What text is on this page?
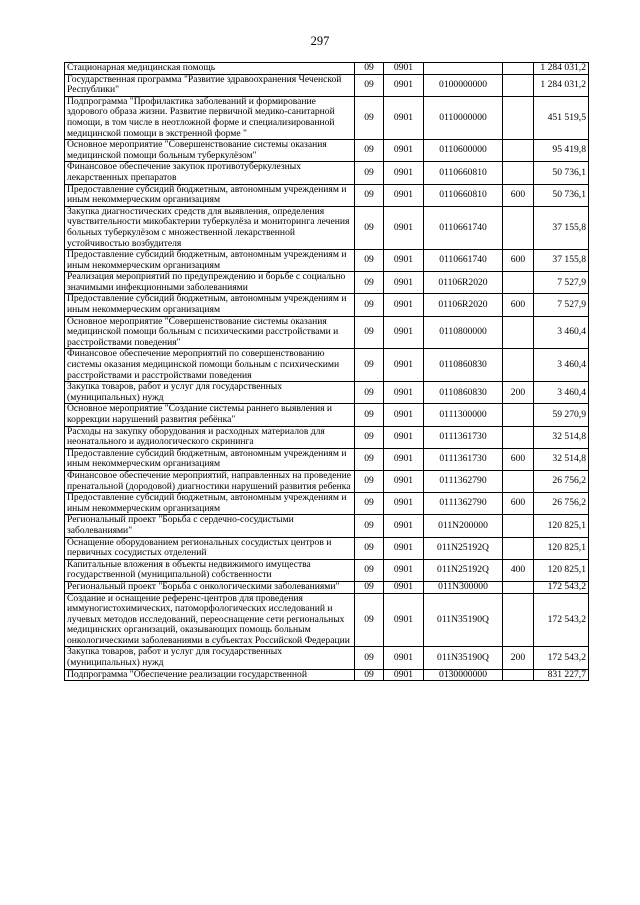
297
Стационарная медицинская помощь	09	0901			1 284 031,2
Государственная программа "Развитие здравоохранения Чеченской Республики"	09	0901	0100000000		1 284 031,2
Подпрограмма "Профилактика заболеваний и формирование здорового образа жизни. Развитие первичной медико-санитарной помощи, в том числе в неотложной форме и специализированной медицинской помощи в экстренной форме "	09	0901	0110000000		451 519,5
Основное мероприятие "Совершенствование системы оказания медицинской помощи больным туберкулёзом"	09	0901	0110600000		95 419,8
Финансовое обеспечение закупок противотуберкулезных лекарственных препаратов	09	0901	0110660810		50 736,1
Предоставление субсидий бюджетным, автономным учреждениям и иным некоммерческим организациям	09	0901	0110660810	600	50 736,1
Закупка диагностических средств для выявления, определения чувствительности микобактерии туберкулёза и мониторинга лечения больных туберкулёзом с множественной лекарственной устойчивостью возбудителя	09	0901	0110661740		37 155,8
Предоставление субсидий бюджетным, автономным учреждениям и иным некоммерческим организациям	09	0901	0110661740	600	37 155,8
Реализация мероприятий по предупреждению и борьбе с социально значимыми инфекционными заболеваниями	09	0901	01106R2020		7 527,9
Предоставление субсидий бюджетным, автономным учреждениям и иным некоммерческим организациям	09	0901	01106R2020	600	7 527,9
Основное мероприятие "Совершенствование системы оказания медицинской помощи больным с психическими расстройствами и расстройствами поведения"	09	0901	0110800000		3 460,4
Финансовое обеспечение мероприятий по совершенствованию системы оказания медицинской помощи больным с психическими расстройствами и расстройствами поведения	09	0901	0110860830		3 460,4
Закупка товаров, работ и услуг для государственных (муниципальных) нужд	09	0901	0110860830	200	3 460,4
Основное мероприятие "Создание системы раннего выявления и коррекции нарушений развития ребёнка"	09	0901	0111300000		59 270,9
Расходы на закупку оборудования и расходных материалов для неонатального и аудиологического скрининга	09	0901	0111361730		32 514,8
Предоставление субсидий бюджетным, автономным учреждениям и иным некоммерческим организациям	09	0901	0111361730	600	32 514,8
Финансовое обеспечение мероприятий, направленных на проведение пренатальной (дородовой) диагностики нарушений развития ребенка	09	0901	0111362790		26 756,2
Предоставление субсидий бюджетным, автономным учреждениям и иным некоммерческим организациям	09	0901	0111362790	600	26 756,2
Региональный проект "Борьба с сердечно-сосудистыми заболеваниями"	09	0901	011N200000		120 825,1
Оснащение оборудованием региональных сосудистых центров и первичных сосудистых отделений	09	0901	011N25192Q		120 825,1
Капитальные вложения в объекты недвижимого имущества государственной (муниципальной) собственности	09	0901	011N25192Q	400	120 825,1
Региональный проект "Борьба с онкологическими заболеваниями"	09	0901	011N300000		172 543,2
Создание и оснащение референс-центров для проведения иммуногистохимических, патоморфологических исследований и лучевых методов исследований, переоснащение сети региональных медицинских организаций, оказывающих помощь больным онкологическими заболеваниями в субъектах Российской Федерации	09	0901	011N35190Q		172 543,2
Закупка товаров, работ и услуг для государственных (муниципальных) нужд	09	0901	011N35190Q	200	172 543,2
Подпрограмма "Обеспечение реализации государственной	09	0901	0130000000		831 227,7
